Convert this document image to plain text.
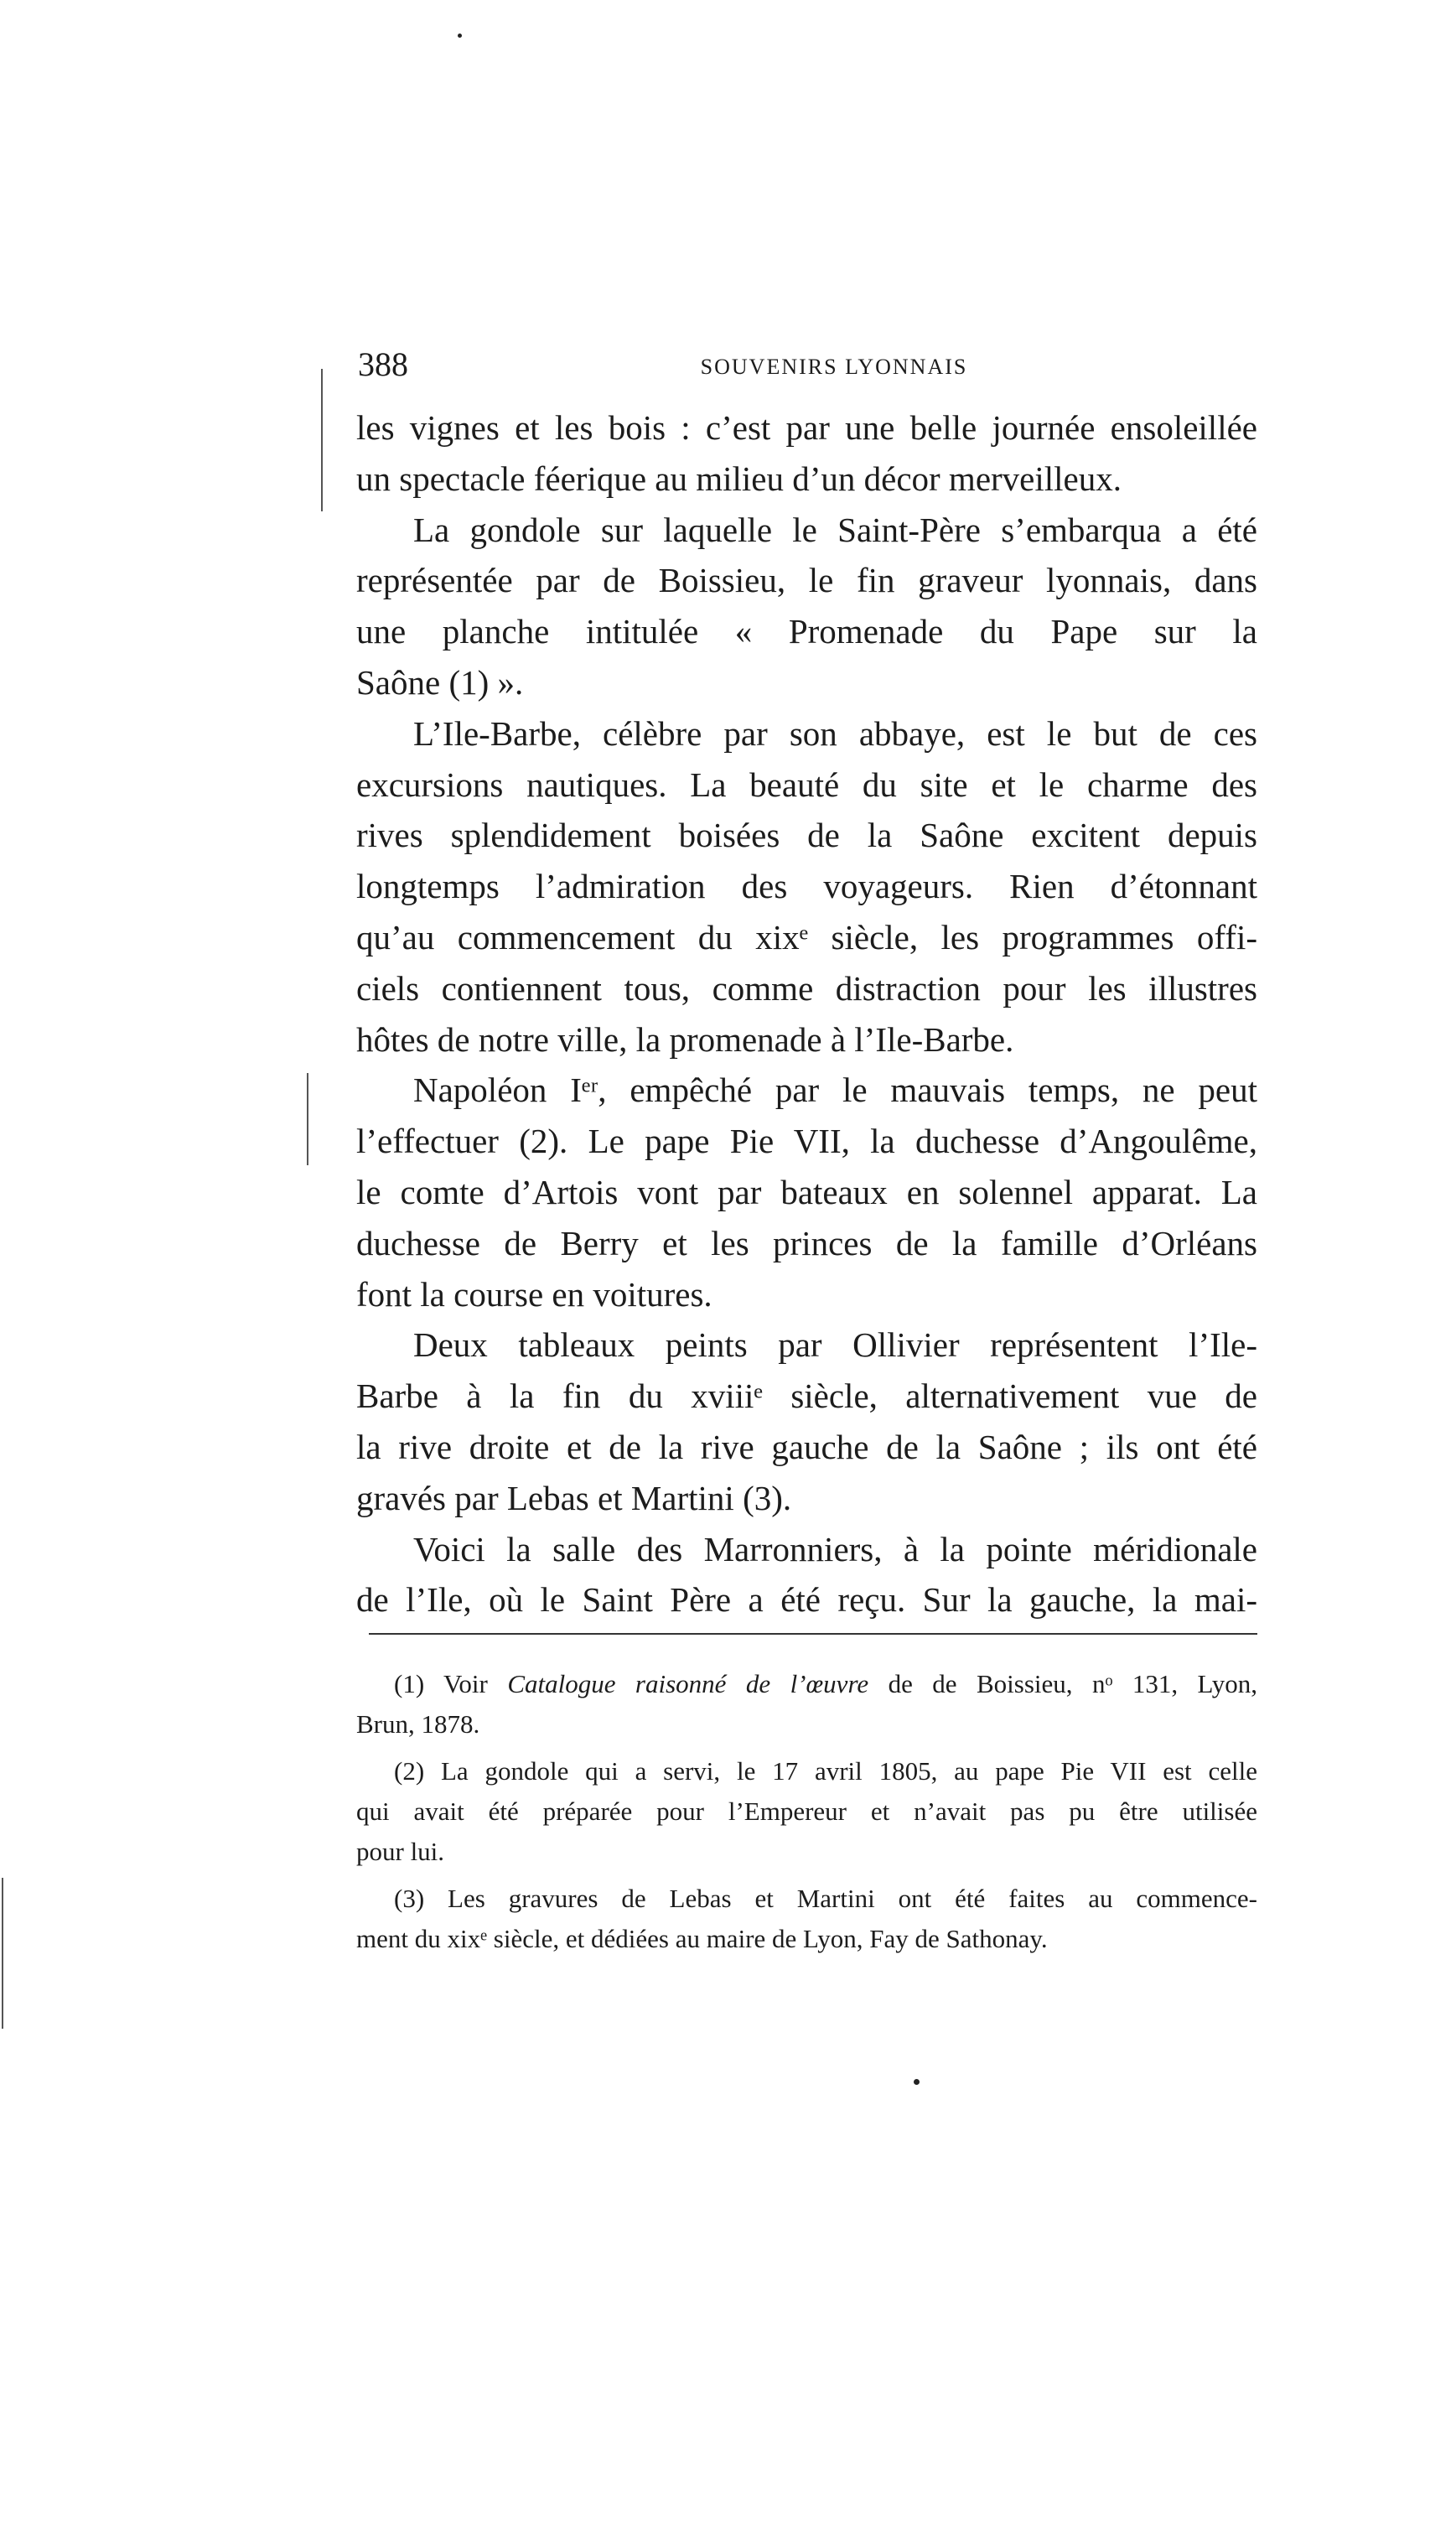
388	SOUVENIRS LYONNAIS
les vignes et les bois : c’est par une belle journée ensoleillée
un spectacle féerique au milieu d’un décor merveilleux.
La gondole sur laquelle le Saint-Père s’embarqua a été
représentée par de Boissieu, le fin graveur lyonnais, dans
une planche intitulée « Promenade du Pape sur la
Saône (1) ».
L’Ile-Barbe, célèbre par son abbaye, est le but de ces
excursions nautiques. La beauté du site et le charme des
rives splendidement boisées de la Saône excitent depuis
longtemps l’admiration des voyageurs. Rien d’étonnant
qu’au commencement du xixᵉ siècle, les programmes offi-
ciels contiennent tous, comme distraction pour les illustres
hôtes de notre ville, la promenade à l’Ile-Barbe.
Napoléon Iᵉʳ, empêché par le mauvais temps, ne peut
l’effectuer (2). Le pape Pie VII, la duchesse d’Angoulême,
le comte d’Artois vont par bateaux en solennel apparat. La
duchesse de Berry et les princes de la famille d’Orléans
font la course en voitures.
Deux tableaux peints par Ollivier représentent l’Ile-
Barbe à la fin du xviiiᵉ siècle, alternativement vue de
la rive droite et de la rive gauche de la Saône ; ils ont été
gravés par Lebas et Martini (3).
Voici la salle des Marronniers, à la pointe méridionale
de l’Ile, où le Saint Père a été reçu. Sur la gauche, la mai-
(1) Voir Catalogue raisonné de l’œuvre de de Boissieu, nᵒ 131, Lyon,
Brun, 1878.
(2) La gondole qui a servi, le 17 avril 1805, au pape Pie VII est celle
qui avait été préparée pour l’Empereur et n’avait pas pu être utilisée
pour lui.
(3) Les gravures de Lebas et Martini ont été faites au commence-
ment du xixᵉ siècle, et dédiées au maire de Lyon, Fay de Sathonay.
